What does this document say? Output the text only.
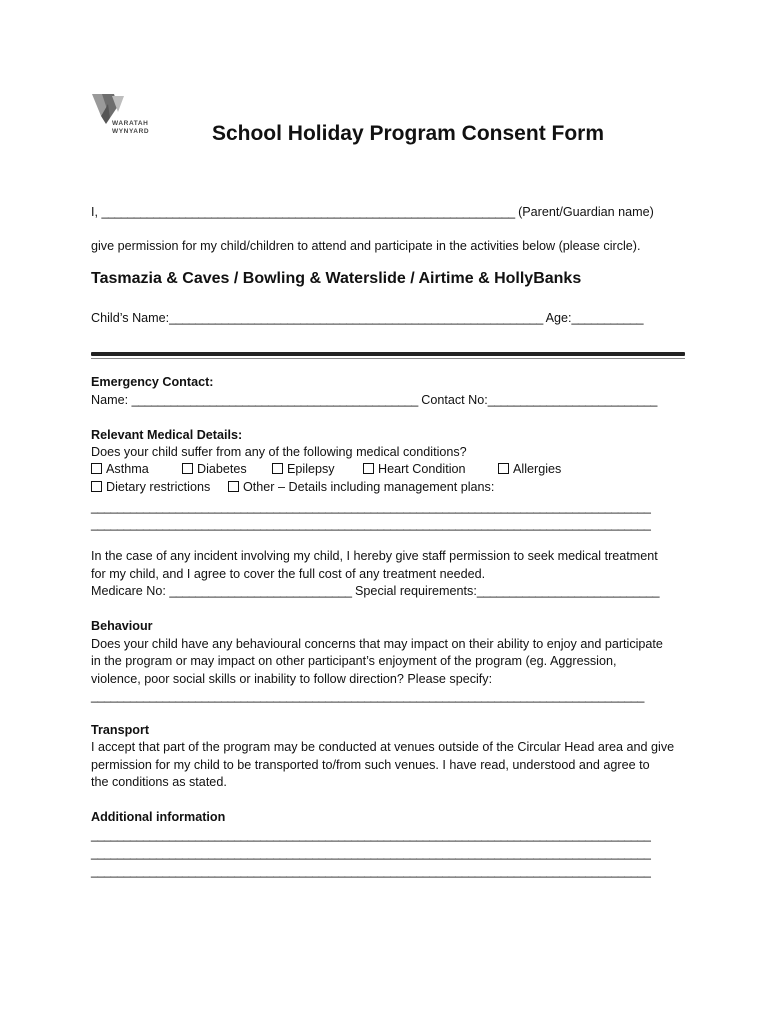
WARATAH
WYNYARD	School Holiday Program Consent Form
I, ________________________________________________________________ (Parent/Guardian name)
give permission for my child/children to attend and participate in the activities below (please circle).
Tasmazia & Caves / Bowling & Waterslide / Airtime & HollyBanks
Child’s Name:_________________________________________________________ Age:___________
Emergency Contact:
Name: ____________________________________________ Contact No:__________________________
Relevant Medical Details:
Does your child suffer from any of the following medical conditions?
Asthma	Diabetes	Epilepsy	Heart Condition	Allergies
Dietary restrictions	Other – Details including management plans:
______________________________________________________________________________________
______________________________________________________________________________________
In the case of any incident involving my child, I hereby give staff permission to seek medical treatment
for my child, and I agree to cover the full cost of any treatment needed.
Medicare No: ____________________________ Special requirements:____________________________
Behaviour
Does your child have any behavioural concerns that may impact on their ability to enjoy and participate
in the program or may impact on other participant’s enjoyment of the program (eg. Aggression,
violence, poor social skills or inability to follow direction? Please specify:
_____________________________________________________________________________________
Transport
I accept that part of the program may be conducted at venues outside of the Circular Head area and give
permission for my child to be transported to/from such venues. I have read, understood and agree to
the conditions as stated.
Additional information
______________________________________________________________________________________
______________________________________________________________________________________
______________________________________________________________________________________
